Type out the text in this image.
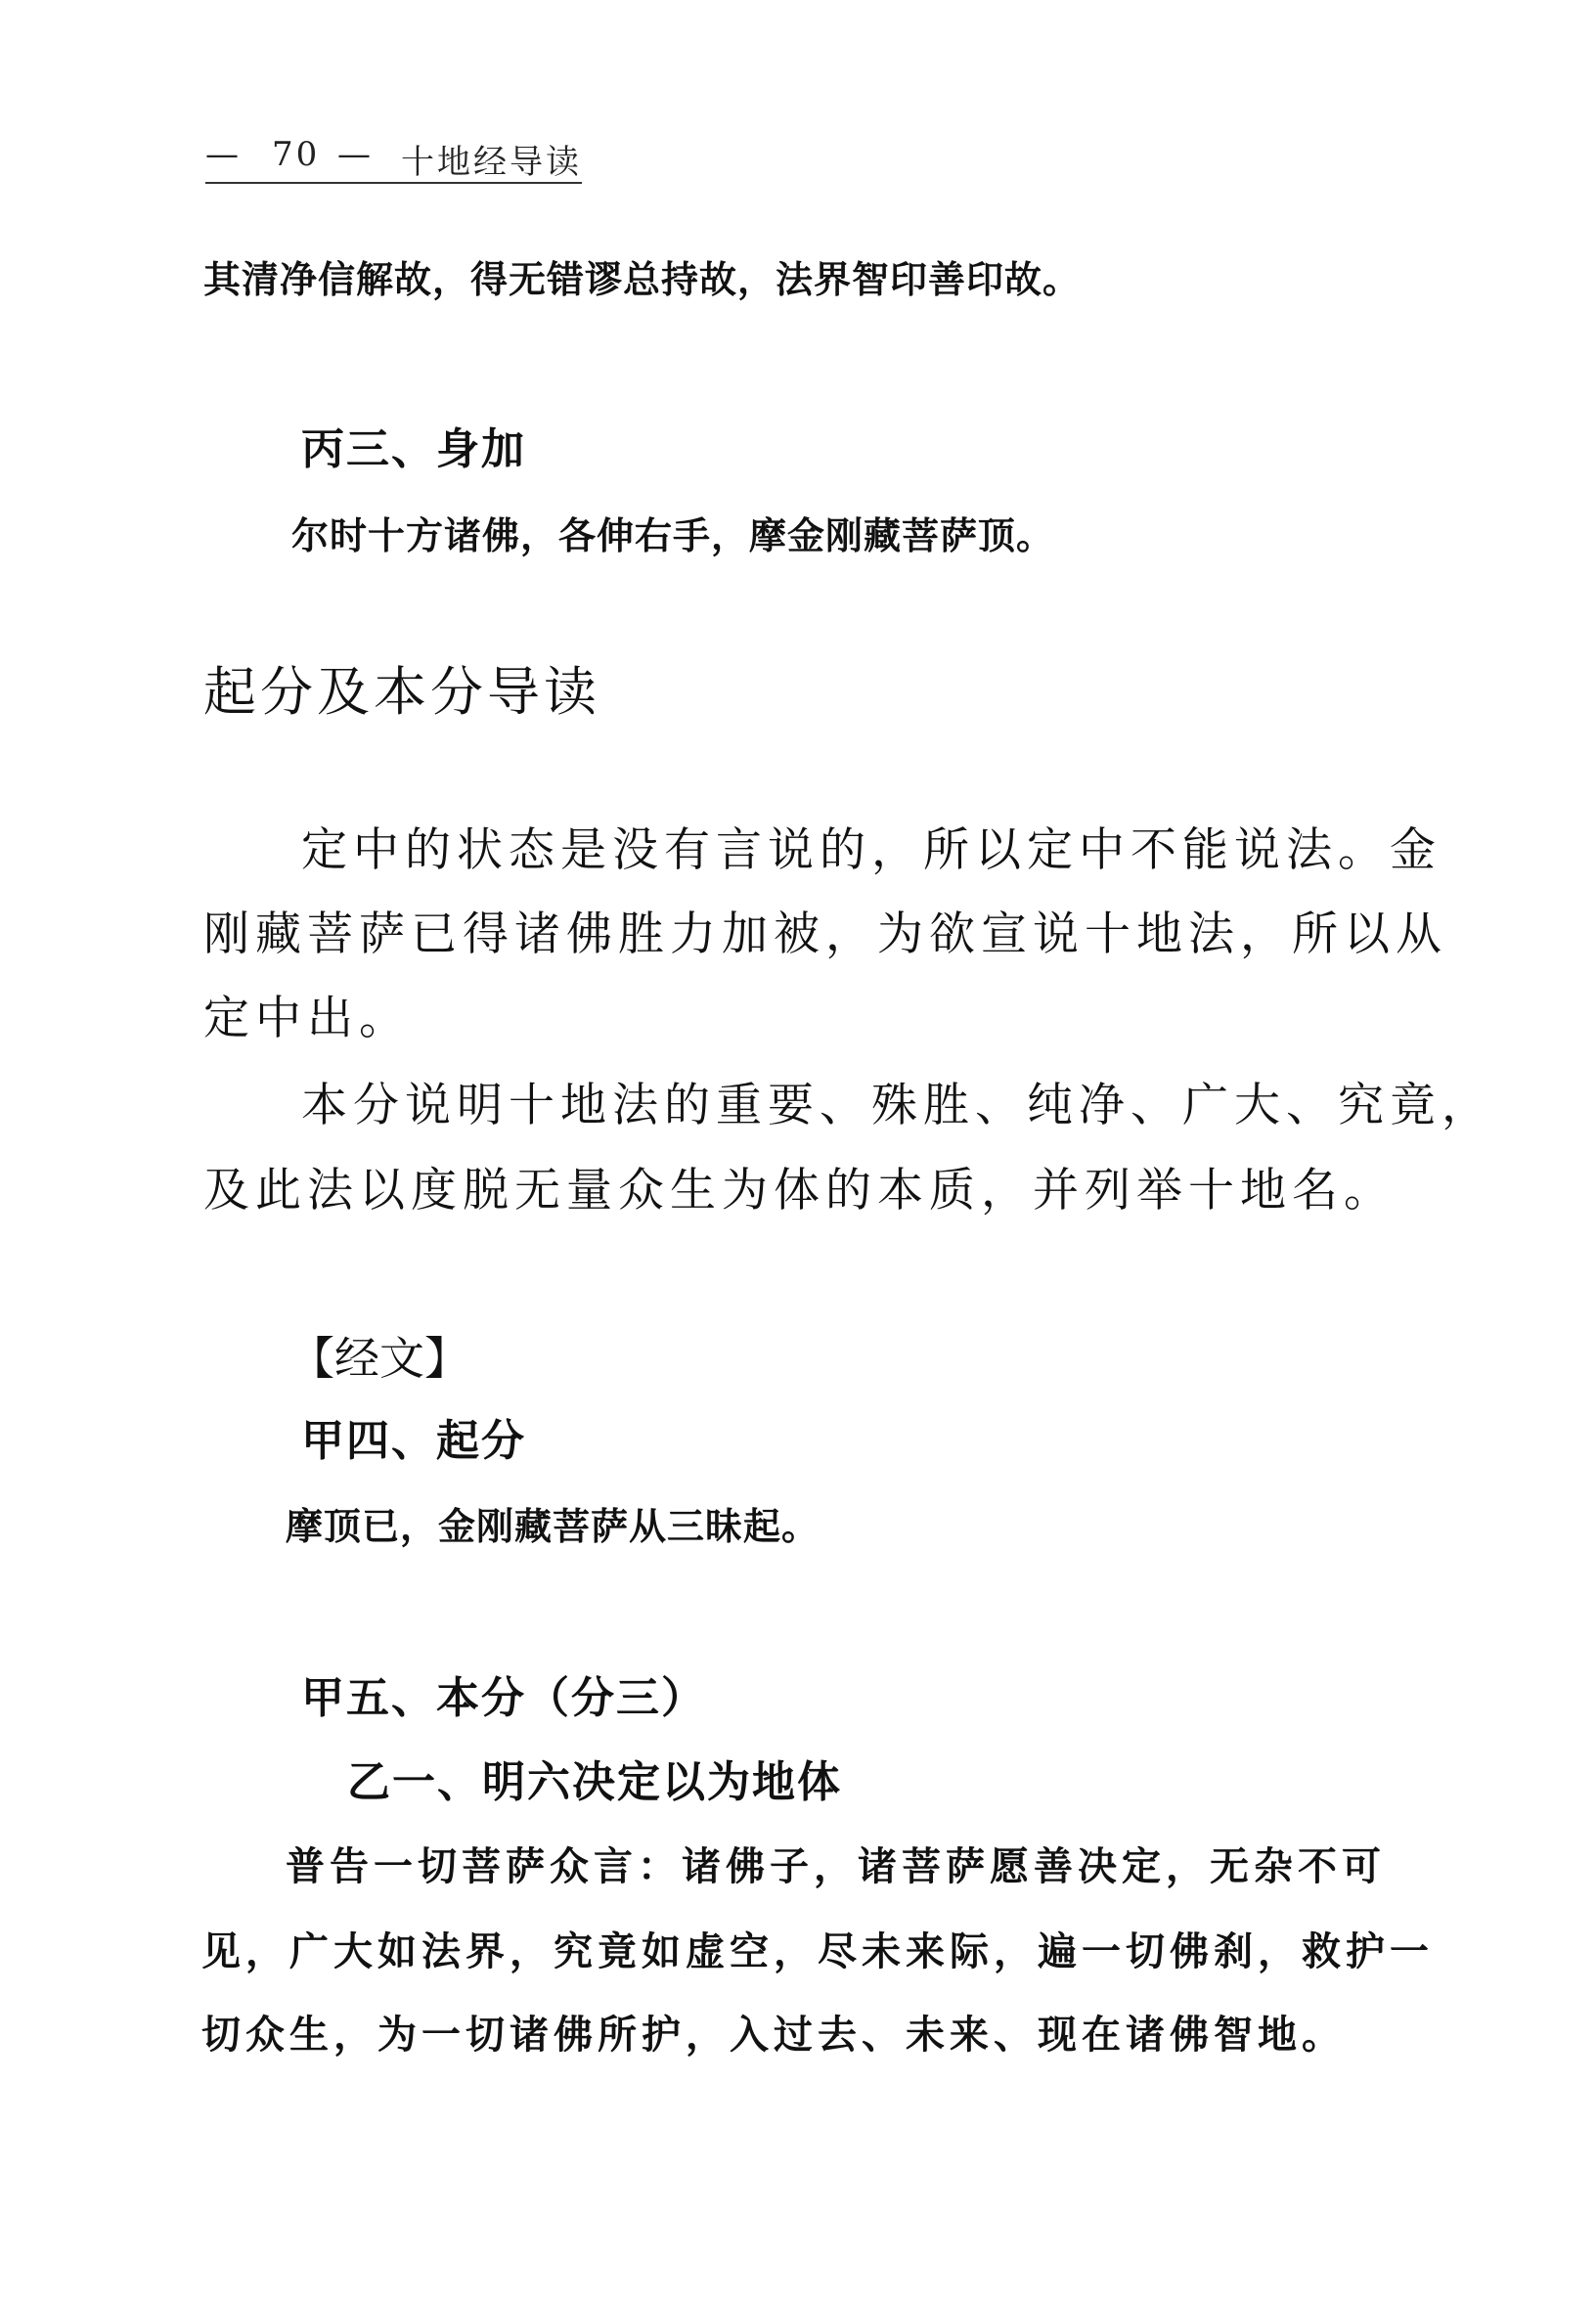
— 70 — 十地经导读
其清净信解故，得无错谬总持故，法界智印善印故。
丙三、身加
尔时十方诸佛，各伸右手，摩金刚藏菩萨顶。
起分及本分导读
定中的状态是没有言说的，所以定中不能说法。金
刚藏菩萨已得诸佛胜力加被，为欲宣说十地法，所以从
定中出。
本分说明十地法的重要、殊胜、纯净、广大、究竟，
及此法以度脱无量众生为体的本质，并列举十地名。
【经文】
甲四、起分
摩顶已，金刚藏菩萨从三昧起。
甲五、本分（分三）
乙一、明六决定以为地体
普告一切菩萨众言：诸佛子，诸菩萨愿善决定，无杂不可
见，广大如法界，究竟如虚空，尽未来际，遍一切佛刹，救护一
切众生，为一切诸佛所护，入过去、未来、现在诸佛智地。
